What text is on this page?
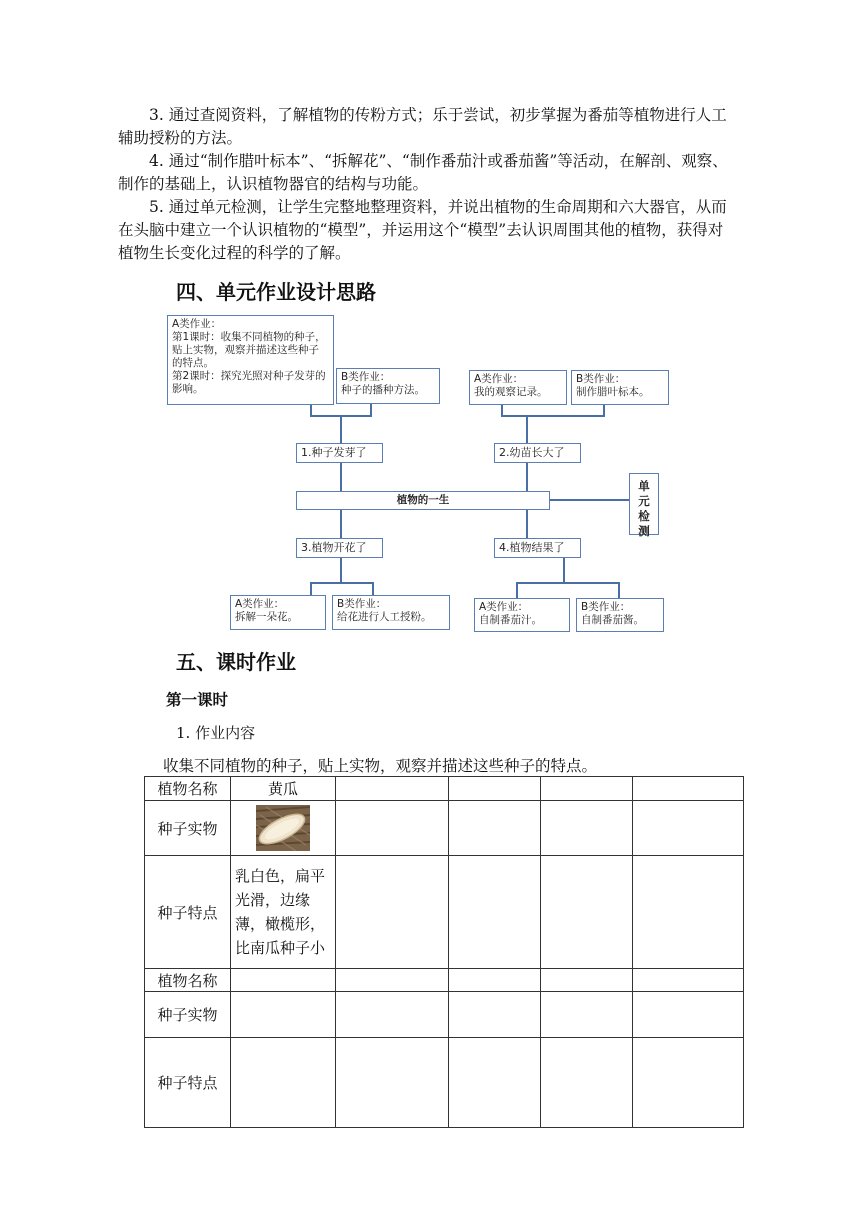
3. 通过查阅资料，了解植物的传粉方式；乐于尝试，初步掌握为番茄等植物进行人工辅助授粉的方法。

4. 通过“制作腊叶标本”、“拆解花”、“制作番茄汁或番茄酱”等活动，在解剖、观察、制作的基础上，认识植物器官的结构与功能。

5. 通过单元检测，让学生完整地整理资料，并说出植物的生命周期和六大器官，从而在头脑中建立一个认识植物的“模型”，并运用这个“模型”去认识周围其他的植物，获得对植物生长变化过程的科学的了解。

四、单元作业设计思路
A类作业：
第1课时：收集不同植物的种子，贴上实物，观察并描述这些种子的特点。
第2课时：探究光照对种子发芽的影响。
B类作业：
种子的播种方法。
A类作业：
我的观察记录。
B类作业：
制作腊叶标本。
1.种子发芽了	2.幼苗长大了
植物的一生
单
元
检
测
3.植物开花了	4.植物结果了
A类作业：
拆解一朵花。
B类作业：
给花进行人工授粉。
A类作业：
自制番茄汁。
B类作业：
自制番茄酱。
五、课时作业
第一课时

1. 作业内容

收集不同植物的种子，贴上实物，观察并描述这些种子的特点。

植物名称	黄瓜				
种子实物	

种子特点	乳白色，扁平光滑，边缘薄，橄榄形，比南瓜种子小				
植物名称					
种子实物					
种子特点					
